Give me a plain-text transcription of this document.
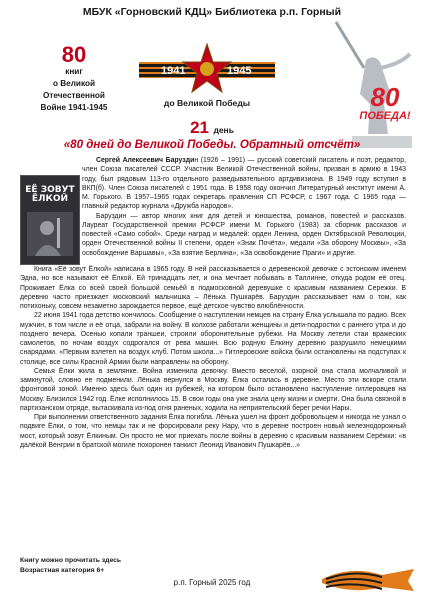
МБУК «Горновский КДЦ» Библиотека р.п. Горный
80
книг
о Великой
Отечественной
Войне 1941-1945
1941	1945
до Великой Победы	80
ПОБЕДА!
21 день
«80 дней до Великой Победы. Обратный отсчёт»
ЕЁ ЗОВУТ ЁЛКОЙ

Сергей Алексеевич Баруздин (1926 – 1991) — русский советский писатель и поэт, редактор, член Союза писателей СССР. Участник Великой Отечественной войны, призван в армию в 1943 году, был рядовым 113-го отдельного разведывательного артдивизиона. В 1949 году вступил в ВКП(б). Член Союза писателей с 1951 года. В 1958 году окончил Литературный институт имени А. М. Горького. В 1957–1965 годах секретарь правления СП РСФСР, с 1967 года. С 1965 года — главный редактор журнала «Дружба народов».

Баруздин — автор многих книг для детей и юношества, романов, повестей и рассказов. Лауреат Государственной премии РСФСР имени М. Горького (1983) за сборник рассказов и повестей «Само собой». Среди наград и медалей: орден Ленина, орден Октябрьской Революции, орден Отечественной войны II степени, орден «Знак Почёта», медали «За оборону Москвы», «За освобождение Варшавы», «За взятие Берлина», «За освобождение Праги» и другие.

Книга «Её зовут Ёлкой» написана в 1965 году. В ней рассказывается о деревенской девочке с эстонским именем Эдна, но все называют её Ёлкой. Ей тринадцать лет, и она мечтает побывать в Таллинне, откуда родом её отец. Проживает Ёлка со всей своей большой семьёй в подмосковной деревушке с красивым названием Сережки. В деревню часто приезжает московский мальчишка – Лёнька Пушкарёв. Баруздин рассказывает нам о том, как потихоньку, совсем незаметно зарождается первое, ещё детское чувство влюблённости.

22 июня 1941 года детство кончилось. Сообщение о наступлении немцев на страну Ёлка услышала по радио. Всех мужчин, в том числе и её отца, забрали на войну. В колхозе работали женщины и дети-подростки с раннего утра и до позднего вечера. Осенью копали траншеи, строили оборонительные рубежи. На Москву летели стаи вражеских самолетов, по ночам воздух содрогался от рева машин. Всю родную Ёлкину деревню разрушило немецкими снарядами. «Первым взлетел на воздух клуб. Потом школа...» Гитлеровские войска были остановлены на подступах к столице, все силы Красной Армии были направлены на оборону.

Семья Ёлки жила в землянке. Война изменила девочку. Вместо веселой, озорной она стала молчаливой и замкнутой, словно ее подменили. Лёнька вернулся в Москву. Ёлка осталась в деревне. Место эти вскоре стали фронтовой зоной. Именно здесь был один из рубежей, на котором было остановлено наступление гитлеровцев на Москву. Близился 1942 год. Ёлке исполнилось 15. В свои годы она уже знала цену жизни и смерти. Она была связной в партизанском отряде, вытаскивала из-под огня раненых, ходила на неприятельский берег речки Нары.

При выполнении ответственного задания Ёлка погибла. Лёнька ушел на фронт добровольцем и никогда не узнал о подвиге Ёлки, о том, что немцы так и не форсировали реку Нару, что в деревне построен новый железнодорожный мост, который зовут Ёлкиным. Он просто не мог приехать после войны в деревню с красивым названием Серёжки: «в далёкой Венгрии в братской могиле похоронен танкист Леонид Иванович Пушкарёв...»

Книгу можно прочитать здесь
Возрастная категория 6+
р.п. Горный 2025 год
